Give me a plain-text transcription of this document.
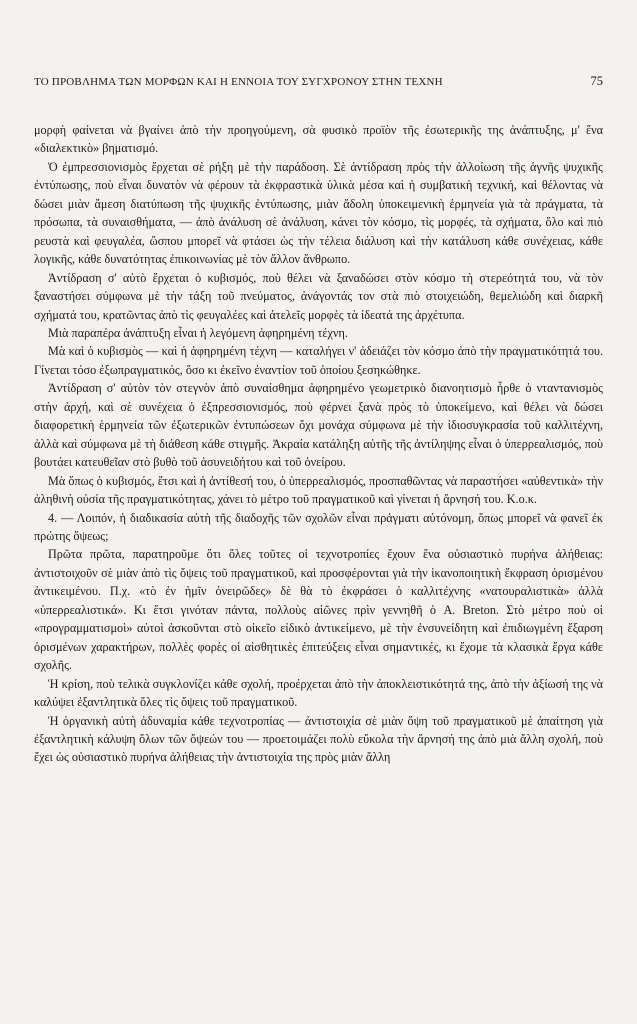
ΤΟ ΠΡΟΒΛΗΜΑ ΤΩΝ ΜΟΡΦΩΝ ΚΑΙ Η ΕΝΝΟΙΑ ΤΟΥ ΣΥΓΧΡΟΝΟΥ ΣΤΗΝ ΤΕΧΝΗ	75

μορφὴ φαίνεται νὰ βγαίνει ἀπὸ τὴν προηγούμενη, σὰ φυσικὸ προϊὸν τῆς ἐσωτερικῆς της ἀνάπτυξης, μ' ἕνα «διαλεκτικὸ» βηματισμό.

Ὁ ἐμπρεσσιονισμὸς ἔρχεται σὲ ρήξη μὲ τὴν παράδοση. Σὲ ἀντίδραση πρὸς τὴν ἀλλοίωση τῆς ἁγνῆς ψυχικῆς ἐντύπωσης, ποὺ εἶναι δυνατὸν νὰ φέρουν τὰ ἐκφραστικὰ ὑλικὰ μέσα καὶ ἡ συμβατικὴ τεχνική, καὶ θέλοντας νὰ δώσει μιὰν ἄμεση διατύπωση τῆς ψυχικῆς ἐντύπωσης, μιὰν ἄδολη ὑποκειμενικὴ ἑρμηνεία γιὰ τὰ πράγματα, τὰ πρόσωπα, τὰ συναισθήματα, — ἀπὸ ἀνάλυση σὲ ἀνάλυση, κάνει τὸν κόσμο, τὶς μορφές, τὰ σχήματα, ὅλο καὶ πιὸ ρευστὰ καὶ φευγαλέα, ὥσπου μπορεῖ νὰ φτάσει ὡς τὴν τέλεια διάλυση καὶ τὴν κατάλυση κάθε συνέχειας, κάθε λογικῆς, κάθε δυνατότητας ἐπικοινωνίας μὲ τὸν ἄλλον ἄνθρωπο.

Ἀντίδραση σ' αὐτὸ ἔρχεται ὁ κυβισμός, ποὺ θέλει νὰ ξαναδώσει στὸν κόσμο τὴ στερεότητά του, νὰ τὸν ξαναστήσει σύμφωνα μὲ τὴν τάξη τοῦ πνεύματος, ἀνάγοντάς τον στὰ πιὸ στοιχειώδη, θεμελιώδη καὶ διαρκῆ σχήματά του, κρατῶντας ἀπὸ τὶς φευγαλέες καὶ ἀτελεῖς μορφὲς τὰ ἰδεατά της ἀρχέτυπα.

Μιὰ παραπέρα ἀνάπτυξη εἶναι ἡ λεγόμενη ἀφηρημένη τέχνη.

Μὰ καὶ ὁ κυβισμὸς — καὶ ἡ ἀφηρημένη τέχνη — καταλήγει ν' ἀδειάζει τὸν κόσμο ἀπὸ τὴν πραγματικότητά του. Γίνεται τόσο ἐξωπραγματικός, ὅσο κι ἐκεῖνο ἐναντίον τοῦ ὁποίου ξεσηκώθηκε.

Ἀντίδραση σ' αὐτὸν τὸν στεγνὸν ἀπὸ συναίσθημα ἀφηρημένο γεωμετρικὸ διανοητισμὸ ἦρθε ὁ νταντανισμὸς στὴν ἀρχή, καὶ σὲ συνέχεια ὁ ἐξπρεσσιονισμός, ποὺ φέρνει ξανὰ πρὸς τὸ ὑποκείμενο, καὶ θέλει νὰ δώσει διαφορετικὴ ἑρμηνεία τῶν ἐξωτερικῶν ἐντυπώσεων ὄχι μονάχα σύμφωνα μὲ τὴν ἰδιοσυγκρασία τοῦ καλλιτέχνη, ἀλλὰ καὶ σύμφωνα μὲ τὴ διάθεση κάθε στιγμῆς. Ἀκραία κατάληξη αὐτῆς τῆς ἀντίληψης εἶναι ὁ ὑπερρεαλισμός, ποὺ βουτάει κατευθεῖαν στὸ βυθὸ τοῦ ἀσυνειδήτου καὶ τοῦ ὀνείρου.

Μὰ ὅπως ὁ κυβισμός, ἔτσι καὶ ἡ ἀντίθεσή του, ὁ ὑπερρεαλισμός, προσπαθῶντας νὰ παραστήσει «αὐθεντικὰ» τὴν ἀληθινὴ οὐσία τῆς πραγματικότητας, χάνει τὸ μέτρο τοῦ πραγματικοῦ καὶ γίνεται ἡ ἄρνησή του. Κ.ο.κ.

4. — Λοιπόν, ἡ διαδικασία αὐτὴ τῆς διαδοχῆς τῶν σχολῶν εἶναι πράγματι αὐτόνομη, ὅπως μπορεῖ νὰ φανεῖ ἐκ πρώτης ὄψεως;

Πρῶτα πρῶτα, παρατηροῦμε ὅτι ὅλες τοῦτες οἱ τεχνοτροπίες ἔχουν ἕνα οὐσιαστικὸ πυρήνα ἀλήθειας: ἀντιστοιχοῦν σὲ μιὰν ἀπὸ τὶς ὄψεις τοῦ πραγματικοῦ, καὶ προσφέρονται γιὰ τὴν ἱκανοποιητικὴ ἔκφραση ὁρισμένου ἀντικειμένου. Π.χ. «τὸ ἐν ἡμῖν ὀνειρῶδες» δὲ θὰ τὸ ἐκφράσει ὁ καλλιτέχνης «νατουραλιστικὰ» ἀλλὰ «ὑπερρεαλιστικά». Κι ἔτσι γινόταν πάντα, πολλοὺς αἰῶνες πρὶν γεννηθῆ ὁ A. Breton. Στὸ μέτρο ποὺ οἱ «προγραμματισμοὶ» αὐτοὶ ἀσκοῦνται στὸ οἰκεῖο εἰδικὸ ἀντικείμενο, μὲ τὴν ἐνσυνείδητη καὶ ἐπιδιωγμένη ἔξαρση ὁρισμένων χαρακτήρων, πολλὲς φορὲς οἱ αἰσθητικὲς ἐπιτεύξεις εἶναι σημαντικές, κι ἔχομε τὰ κλασικὰ ἔργα κάθε σχολῆς.

Ἡ κρίση, ποὺ τελικὰ συγκλονίζει κάθε σχολή, προέρχεται ἀπὸ τὴν ἀποκλειστικότητά της, ἀπὸ τὴν ἀξίωσή της νὰ καλύψει ἐξαντλητικὰ ὅλες τὶς ὄψεις τοῦ πραγματικοῦ.

Ἡ ὀργανικὴ αὐτὴ ἀδυναμία κάθε τεχνοτροπίας — ἀντιστοιχία σὲ μιὰν ὄψη τοῦ πραγματικοῦ μὲ ἀπαίτηση γιὰ ἐξαντλητικὴ κάλυψη ὅλων τῶν ὄψεών του — προετοιμάζει πολὺ εὔκολα τὴν ἄρνησή της ἀπὸ μιὰ ἄλλη σχολή, ποὺ ἔχει ὡς οὐσιαστικὸ πυρήνα ἀλήθειας τὴν ἀντιστοιχία της πρὸς μιὰν ἄλλη
